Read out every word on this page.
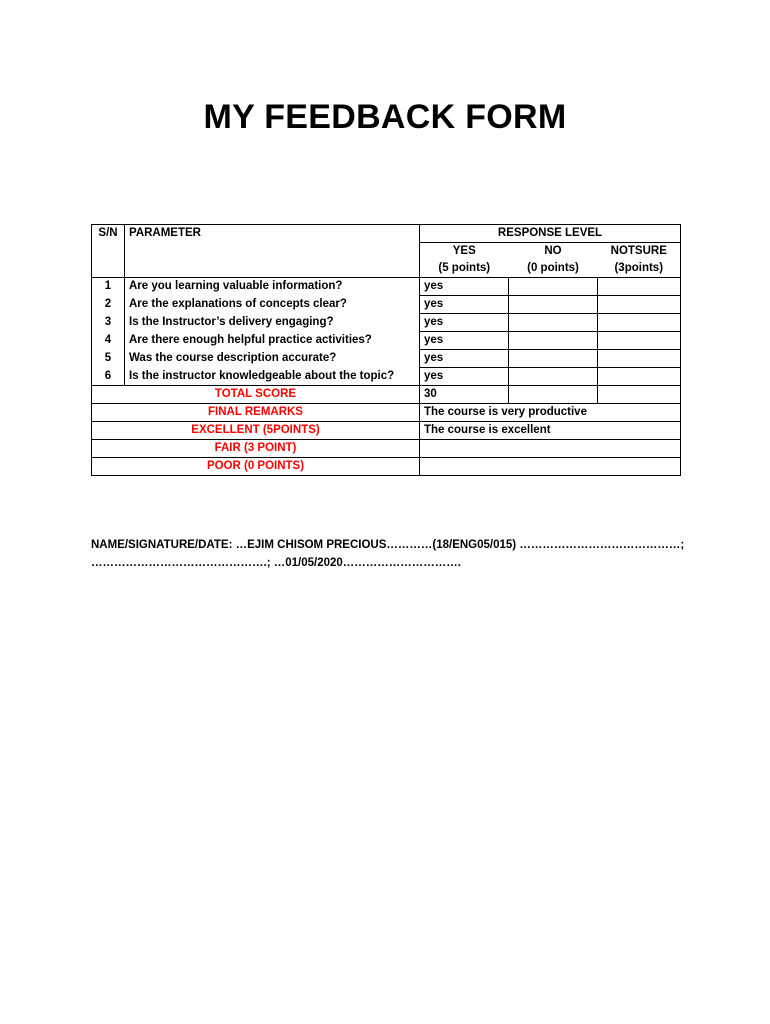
MY FEEDBACK FORM
S/N	PARAMETER	RESPONSE LEVEL		
		YES	NO	NOTSURE
		(5 points)	(0 points)	(3points)
1	Are you learning valuable information?	yes		
2	Are the explanations of concepts clear?	yes		
3	Is the Instructor’s delivery engaging?	yes		
4	Are there enough helpful practice activities?	yes		
5	Was the course description accurate?	yes		
6	Is the instructor knowledgeable about the topic?	yes		
TOTAL SCORE		30		
FINAL REMARKS		The course is very productive		
EXCELLENT (5POINTS)		The course is excellent		
FAIR (3 POINT)				
POOR (0 POINTS)				
NAME/SIGNATURE/DATE: …EJIM CHISOM PRECIOUS…………(18/ENG05/015) ……………………………………;
……………………………………….; …01/05/2020………………………….
